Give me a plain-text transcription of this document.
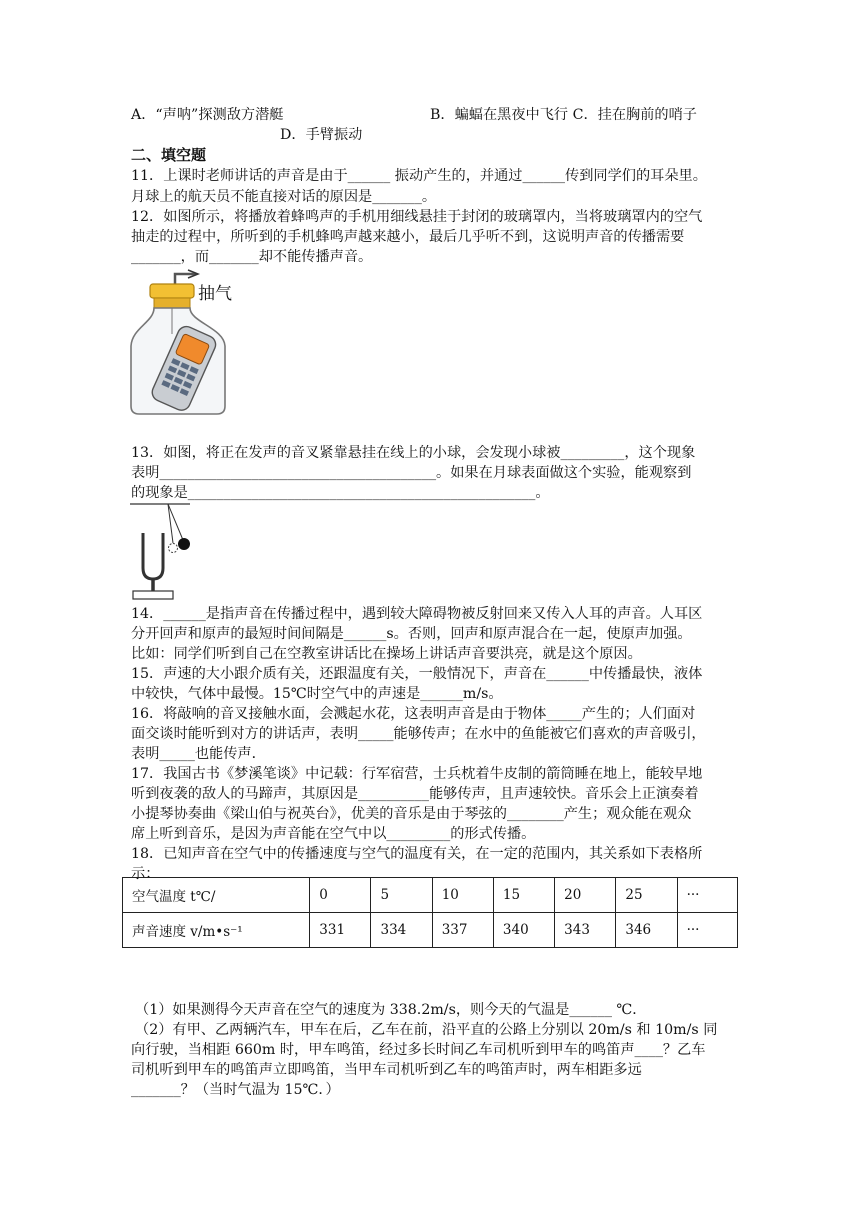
A．“声呐”探测敌方潜艇	B．蝙蝠在黑夜中飞行 C．挂在胸前的哨子
D．手臂振动
二、填空题
11．上课时老师讲话的声音是由于______ 振动产生的，并通过______传到同学们的耳朵里。
月球上的航天员不能直接对话的原因是_______。
12．如图所示，将播放着蜂鸣声的手机用细线悬挂于封闭的玻璃罩内，当将玻璃罩内的空气
抽走的过程中，所听到的手机蜂鸣声越来越小，最后几乎听不到，这说明声音的传播需要
_______，而_______却不能传播声音。
抽气
13．如图，将正在发声的音叉紧靠悬挂在线上的小球，会发现小球被_________，这个现象
表明_______________________________________。如果在月球表面做这个实验，能观察到
的现象是_________________________________________________。
14．______是指声音在传播过程中，遇到较大障碍物被反射回来又传入人耳的声音。人耳区
分开回声和原声的最短时间间隔是______s。否则，回声和原声混合在一起，使原声加强。
比如：同学们听到自己在空教室讲话比在操场上讲话声音要洪亮，就是这个原因。
15．声速的大小跟介质有关，还跟温度有关，一般情况下，声音在______中传播最快，液体
中较快，气体中最慢。15℃时空气中的声速是______m/s。
16．将敲响的音叉接触水面，会溅起水花，这表明声音是由于物体_____产生的；人们面对
面交谈时能听到对方的讲话声，表明_____能够传声；在水中的鱼能被它们喜欢的声音吸引，
表明_____也能传声．
17．我国古书《梦溪笔谈》中记载：行军宿营，士兵枕着牛皮制的箭筒睡在地上，能较早地
听到夜袭的敌人的马蹄声，其原因是__________能够传声，且声速较快。音乐会上正演奏着
小提琴协奏曲《梁山伯与祝英台》，优美的音乐是由于琴弦的________产生；观众能在观众
席上听到音乐，是因为声音能在空气中以_________的形式传播。
18．已知声音在空气中的传播速度与空气的温度有关，在一定的范围内，其关系如下表格所
示：
空气温度 t℃/	0	5	10	15	20	25	···
声音速度 v/m•s⁻¹	331	334	337	340	343	346	···
（1）如果测得今天声音在空气的速度为 338.2m/s，则今天的气温是______ ℃．
（2）有甲、乙两辆汽车，甲车在后，乙车在前，沿平直的公路上分别以 20m/s 和 10m/s 同
向行驶，当相距 660m 时，甲车鸣笛，经过多长时间乙车司机听到甲车的鸣笛声____？乙车
司机听到甲车的鸣笛声立即鸣笛，当甲车司机听到乙车的鸣笛声时，两车相距多远
_______？（当时气温为 15℃．）
